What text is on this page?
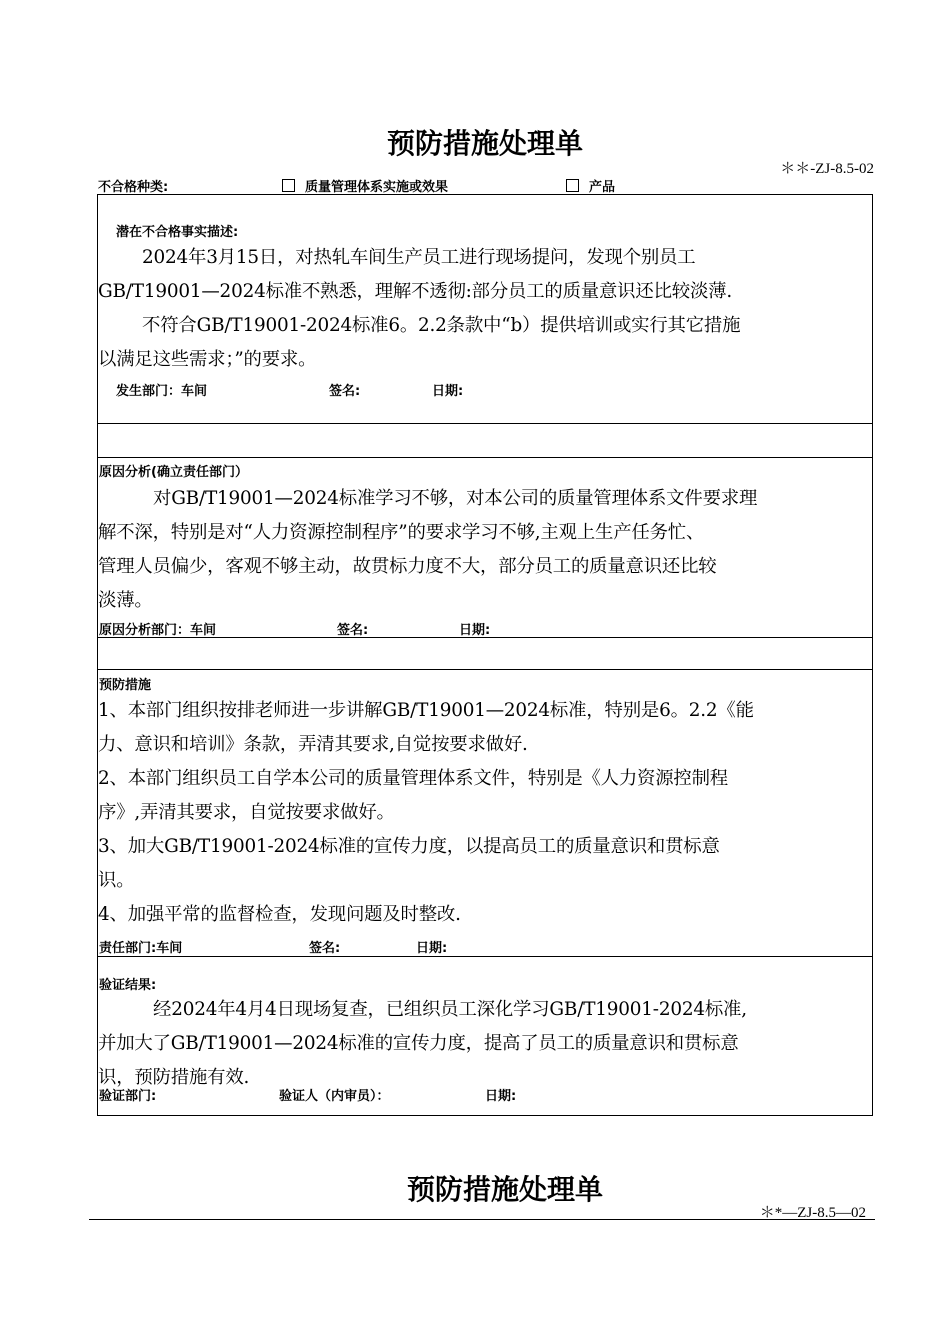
预防措施处理单
＊＊-ZJ-8.5-02
不合格种类:	质量管理体系实施或效果	产品
潜在不合格事实描述:
2024年3月15日，对热轧车间生产员工进行现场提问，发现个别员工
GB/T19001—2024标准不熟悉，理解不透彻:部分员工的质量意识还比较淡薄.
不符合GB/T19001-2024标准6。2.2条款中“b）提供培训或实行其它措施
以满足这些需求；”的要求。
发生部门：车间	签名:	日期:
原因分析(确立责任部门）
对GB/T19001—2024标准学习不够，对本公司的质量管理体系文件要求理
解不深，特别是对“人力资源控制程序”的要求学习不够,主观上生产任务忙、
管理人员偏少，客观不够主动，故贯标力度不大，部分员工的质量意识还比较
淡薄。
原因分析部门：车间	签名:	日期:
预防措施
1、本部门组织按排老师进一步讲解GB/T19001—2024标准，特别是6。2.2《能
力、意识和培训》条款，弄清其要求,自觉按要求做好.
2、本部门组织员工自学本公司的质量管理体系文件，特别是《人力资源控制程
序》,弄清其要求，自觉按要求做好。
3、加大GB/T19001-2024标准的宣传力度，以提高员工的质量意识和贯标意
识。
4、加强平常的监督检查，发现问题及时整改.
责任部门:车间	签名:	日期:
验证结果:
经2024年4月4日现场复查，已组织员工深化学习GB/T19001-2024标准,
并加大了GB/T19001—2024标准的宣传力度，提高了员工的质量意识和贯标意
识，预防措施有效.
验证部门:	验证人（内审员）：	日期:
预防措施处理单
＊*—ZJ-8.5—02
